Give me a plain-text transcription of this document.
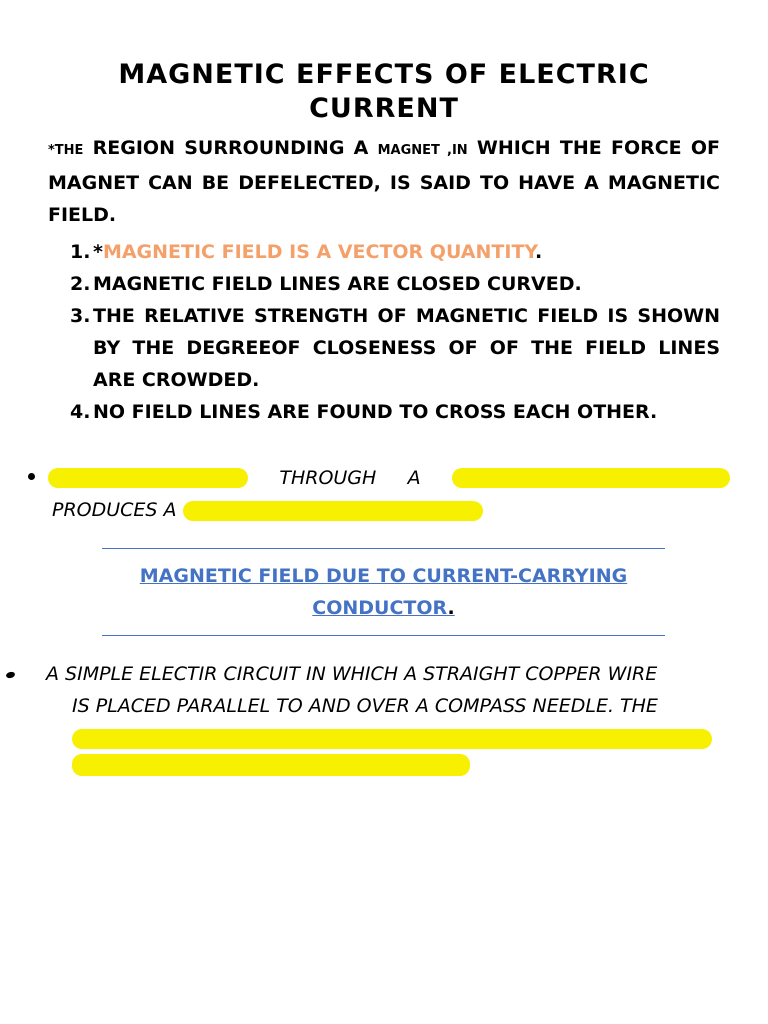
MAGNETIC EFFECTS OF ELECTRIC CURRENT
*THE REGION SURROUNDING A MAGNET ,IN WHICH THE FORCE OF MAGNET CAN BE DEFELECTED, IS SAID TO HAVE A MAGNETIC FIELD.
1. *MAGNETIC FIELD IS A VECTOR QUANTITY.
2. MAGNETIC FIELD LINES ARE CLOSED CURVED.
3. THE RELATIVE STRENGTH OF MAGNETIC FIELD IS SHOWN BY THE DEGREEOF CLOSENESS OF OF THE FIELD LINES ARE CROWDED.
4. NO FIELD LINES ARE FOUND TO CROSS EACH OTHER.
THROUGH A
PRODUCES A
MAGNETIC FIELD DUE TO CURRENT-CARRYING
CONDUCTOR.
A SIMPLE ELECTIR CIRCUIT IN WHICH A STRAIGHT COPPER WIRE
IS PLACED PARALLEL TO AND OVER A COMPASS NEEDLE. THE
